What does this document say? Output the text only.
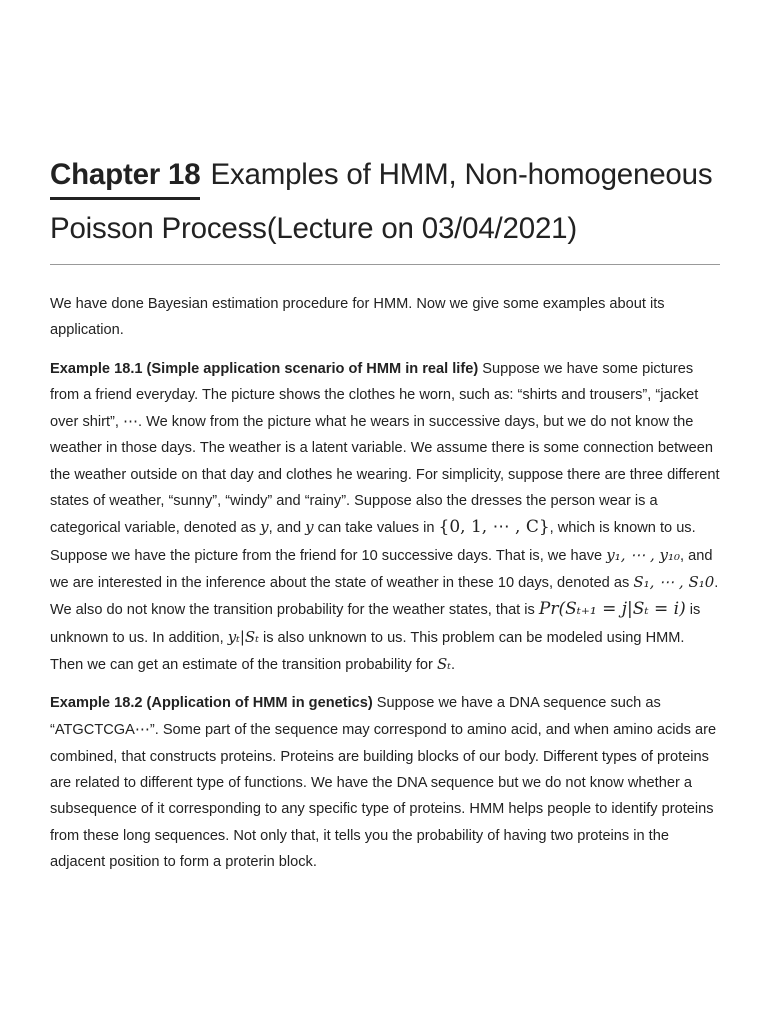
Chapter 18 Examples of HMM, Non-homogeneous Poisson Process(Lecture on 03/04/2021)

We have done Bayesian estimation procedure for HMM. Now we give some examples about its application.

Example 18.1 (Simple application scenario of HMM in real life) Suppose we have some pictures from a friend everyday. The picture shows the clothes he worn, such as: “shirts and trousers”, “jacket over shirt”, ⋯. We know from the picture what he wears in successive days, but we do not know the weather in those days. The weather is a latent variable. We assume there is some connection between the weather outside on that day and clothes he wearing. For simplicity, suppose there are three different states of weather, “sunny”, “windy” and “rainy”. Suppose also the dresses the person wear is a categorical variable, denoted as y, and y can take values in {0, 1, ⋯ , C}, which is known to us. Suppose we have the picture from the friend for 10 successive days. That is, we have y₁, ⋯ , y₁₀, and we are interested in the inference about the state of weather in these 10 days, denoted as S₁, ⋯ , S₁0. We also do not know the transition probability for the weather states, that is Pr(Sₜ₊₁ = j|Sₜ = i) is unknown to us. In addition, yₜ|Sₜ is also unknown to us. This problem can be modeled using HMM. Then we can get an estimate of the transition probability for Sₜ.

Example 18.2 (Application of HMM in genetics) Suppose we have a DNA sequence such as “ATGCTCGA⋯”. Some part of the sequence may correspond to amino acid, and when amino acids are combined, that constructs proteins. Proteins are building blocks of our body. Different types of proteins are related to different type of functions. We have the DNA sequence but we do not know whether a subsequence of it corresponding to any specific type of proteins. HMM helps people to identify proteins from these long sequences. Not only that, it tells you the probability of having two proteins in the adjacent position to form a proterin block.
